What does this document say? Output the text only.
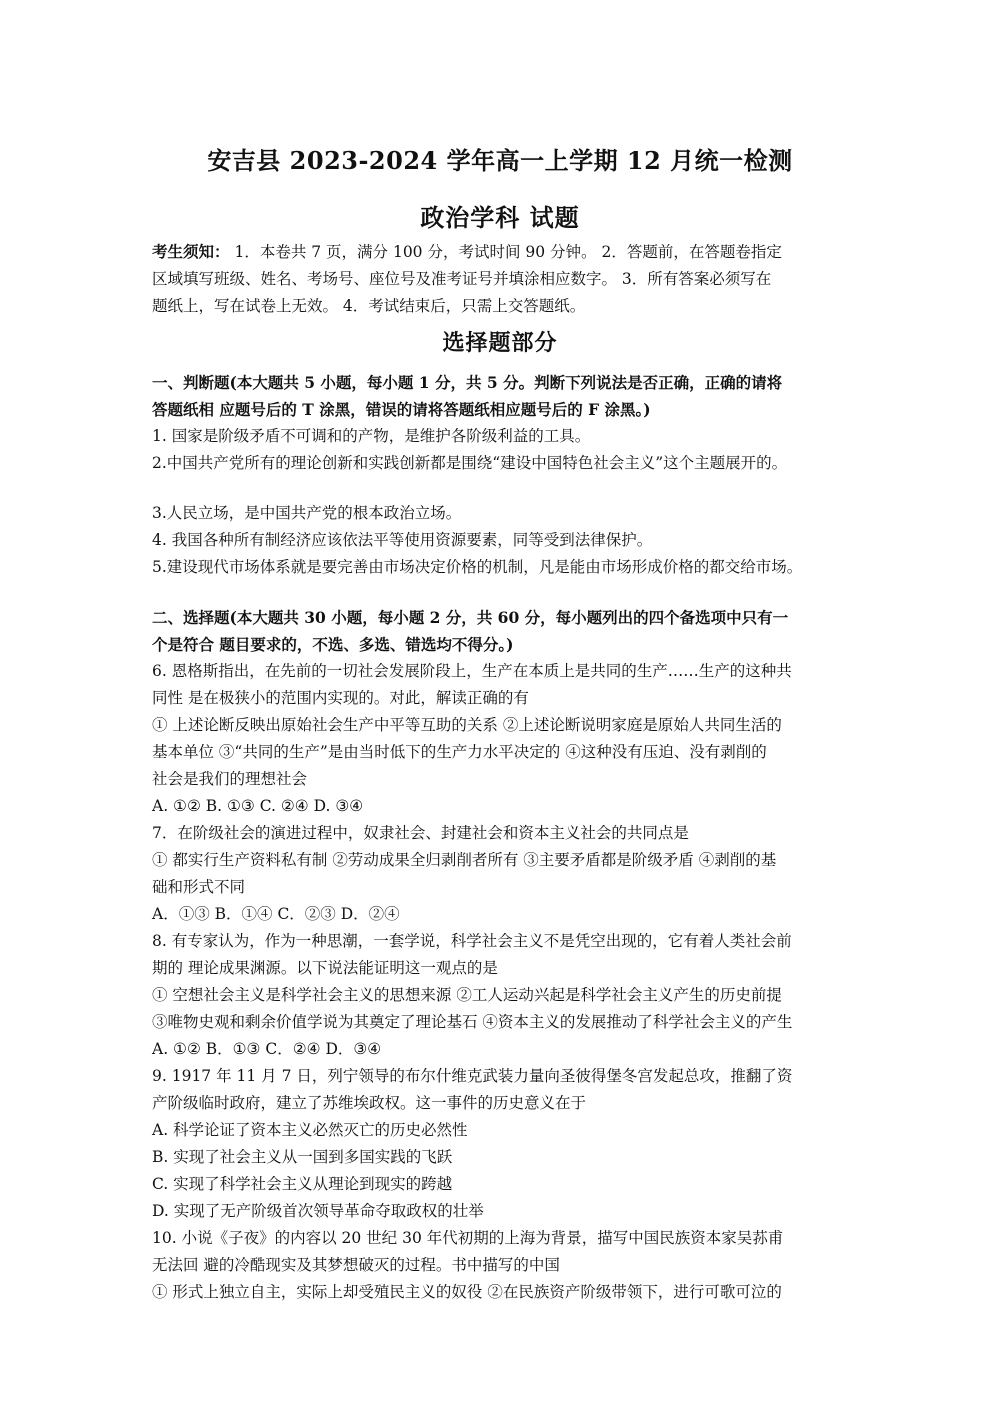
安吉县 2023-2024 学年高一上学期 12 月统一检测
政治学科 试题
考生须知： 1．本卷共 7 页，满分 100 分，考试时间 90 分钟。 2．答题前，在答题卷指定
区域填写班级、姓名、考场号、座位号及准考证号并填涂相应数字。 3．所有答案必须写在
题纸上，写在试卷上无效。 4．考试结束后，只需上交答题纸。
选择题部分
一、判断题(本大题共 5 小题，每小题 1 分，共 5 分。判断下列说法是否正确，正确的请将
答题纸相 应题号后的 T 涂黑，错误的请将答题纸相应题号后的 F 涂黑。)
1. 国家是阶级矛盾不可调和的产物，是维护各阶级利益的工具。
2.中国共产党所有的理论创新和实践创新都是围绕“建设中国特色社会主义”这个主题展开的。
3.人民立场，是中国共产党的根本政治立场。
4. 我国各种所有制经济应该依法平等使用资源要素，同等受到法律保护。
5.建设现代市场体系就是要完善由市场决定价格的机制，凡是能由市场形成价格的都交给市场。
二、选择题(本大题共 30 小题，每小题 2 分，共 60 分，每小题列出的四个备选项中只有一
个是符合 题目要求的，不选、多选、错选均不得分。)
6. 恩格斯指出，在先前的一切社会发展阶段上，生产在本质上是共同的生产……生产的这种共
同性 是在极狭小的范围内实现的。对此，解读正确的有
① 上述论断反映出原始社会生产中平等互助的关系 ②上述论断说明家庭是原始人共同生活的
基本单位 ③“共同的生产”是由当时低下的生产力水平决定的 ④这种没有压迫、没有剥削的
社会是我们的理想社会
A. ①② B. ①③ C. ②④ D. ③④
7．在阶级社会的演进过程中，奴隶社会、封建社会和资本主义社会的共同点是
① 都实行生产资料私有制 ②劳动成果全归剥削者所有 ③主要矛盾都是阶级矛盾 ④剥削的基
础和形式不同
A．①③ B．①④ C．②③ D．②④
8. 有专家认为，作为一种思潮，一套学说，科学社会主义不是凭空出现的，它有着人类社会前
期的 理论成果渊源。以下说法能证明这一观点的是
① 空想社会主义是科学社会主义的思想来源 ②工人运动兴起是科学社会主义产生的历史前提
③唯物史观和剩余价值学说为其奠定了理论基石 ④资本主义的发展推动了科学社会主义的产生
A. ①② B．①③ C．②④ D．③④
9. 1917 年 11 月 7 日，列宁领导的布尔什维克武装力量向圣彼得堡冬宫发起总攻，推翻了资
产阶级临时政府，建立了苏维埃政权。这一事件的历史意义在于
A. 科学论证了资本主义必然灭亡的历史必然性
B. 实现了社会主义从一国到多国实践的飞跃
C. 实现了科学社会主义从理论到现实的跨越
D. 实现了无产阶级首次领导革命夺取政权的壮举
10. 小说《子夜》的内容以 20 世纪 30 年代初期的上海为背景，描写中国民族资本家吴荪甫
无法回 避的冷酷现实及其梦想破灭的过程。书中描写的中国
① 形式上独立自主，实际上却受殖民主义的奴役 ②在民族资产阶级带领下，进行可歌可泣的
